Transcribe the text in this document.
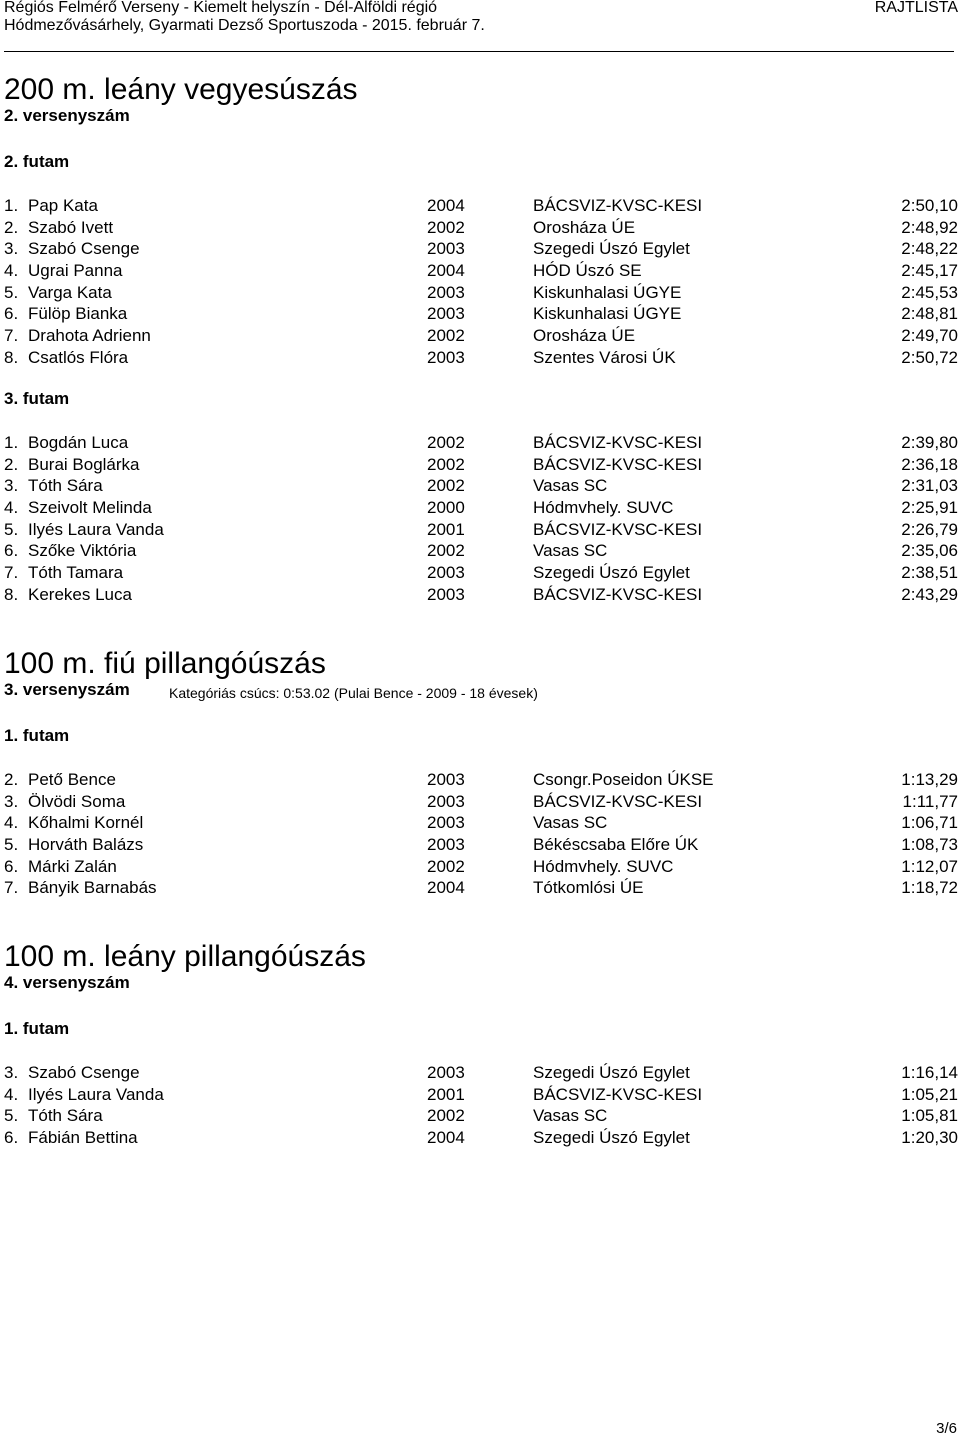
Régiós Felmérő Verseny - Kiemelt helyszín - Dél-Alföldi régió
Hódmezővásárhely, Gyarmati Dezső Sportuszoda - 2015. február 7.
RAJTLISTA
200 m. leány vegyesúszás
2. versenyszám
2. futam
1. Pap Kata	2004	BÁCSVIZ-KVSC-KESI	2:50,10
2. Szabó Ivett	2002	Orosháza ÚE	2:48,92
3. Szabó Csenge	2003	Szegedi Úszó Egylet	2:48,22
4. Ugrai Panna	2004	HÓD Úszó SE	2:45,17
5. Varga Kata	2003	Kiskunhalasi ÚGYE	2:45,53
6. Fülöp Bianka	2003	Kiskunhalasi ÚGYE	2:48,81
7. Drahota Adrienn	2002	Orosháza ÚE	2:49,70
8. Csatlós Flóra	2003	Szentes Városi ÚK	2:50,72
3. futam
1. Bogdán Luca	2002	BÁCSVIZ-KVSC-KESI	2:39,80
2. Burai Boglárka	2002	BÁCSVIZ-KVSC-KESI	2:36,18
3. Tóth Sára	2002	Vasas SC	2:31,03
4. Szeivolt Melinda	2000	Hódmvhely. SUVC	2:25,91
5. Ilyés Laura Vanda	2001	BÁCSVIZ-KVSC-KESI	2:26,79
6. Szőke Viktória	2002	Vasas SC	2:35,06
7. Tóth Tamara	2003	Szegedi Úszó Egylet	2:38,51
8. Kerekes Luca	2003	BÁCSVIZ-KVSC-KESI	2:43,29
100 m. fiú pillangóúszás
3. versenyszám	Kategóriás csúcs: 0:53.02 (Pulai Bence - 2009 - 18 évesek)
1. futam
2. Pető Bence	2003	Csongr.Poseidon ÚKSE	1:13,29
3. Ölvödi Soma	2003	BÁCSVIZ-KVSC-KESI	1:11,77
4. Kőhalmi Kornél	2003	Vasas SC	1:06,71
5. Horváth Balázs	2003	Békéscsaba Előre ÚK	1:08,73
6. Márki Zalán	2002	Hódmvhely. SUVC	1:12,07
7. Bányik Barnabás	2004	Tótkomlósi ÚE	1:18,72
100 m. leány pillangóúszás
4. versenyszám
1. futam
3. Szabó Csenge	2003	Szegedi Úszó Egylet	1:16,14
4. Ilyés Laura Vanda	2001	BÁCSVIZ-KVSC-KESI	1:05,21
5. Tóth Sára	2002	Vasas SC	1:05,81
6. Fábián Bettina	2004	Szegedi Úszó Egylet	1:20,30
3/6
